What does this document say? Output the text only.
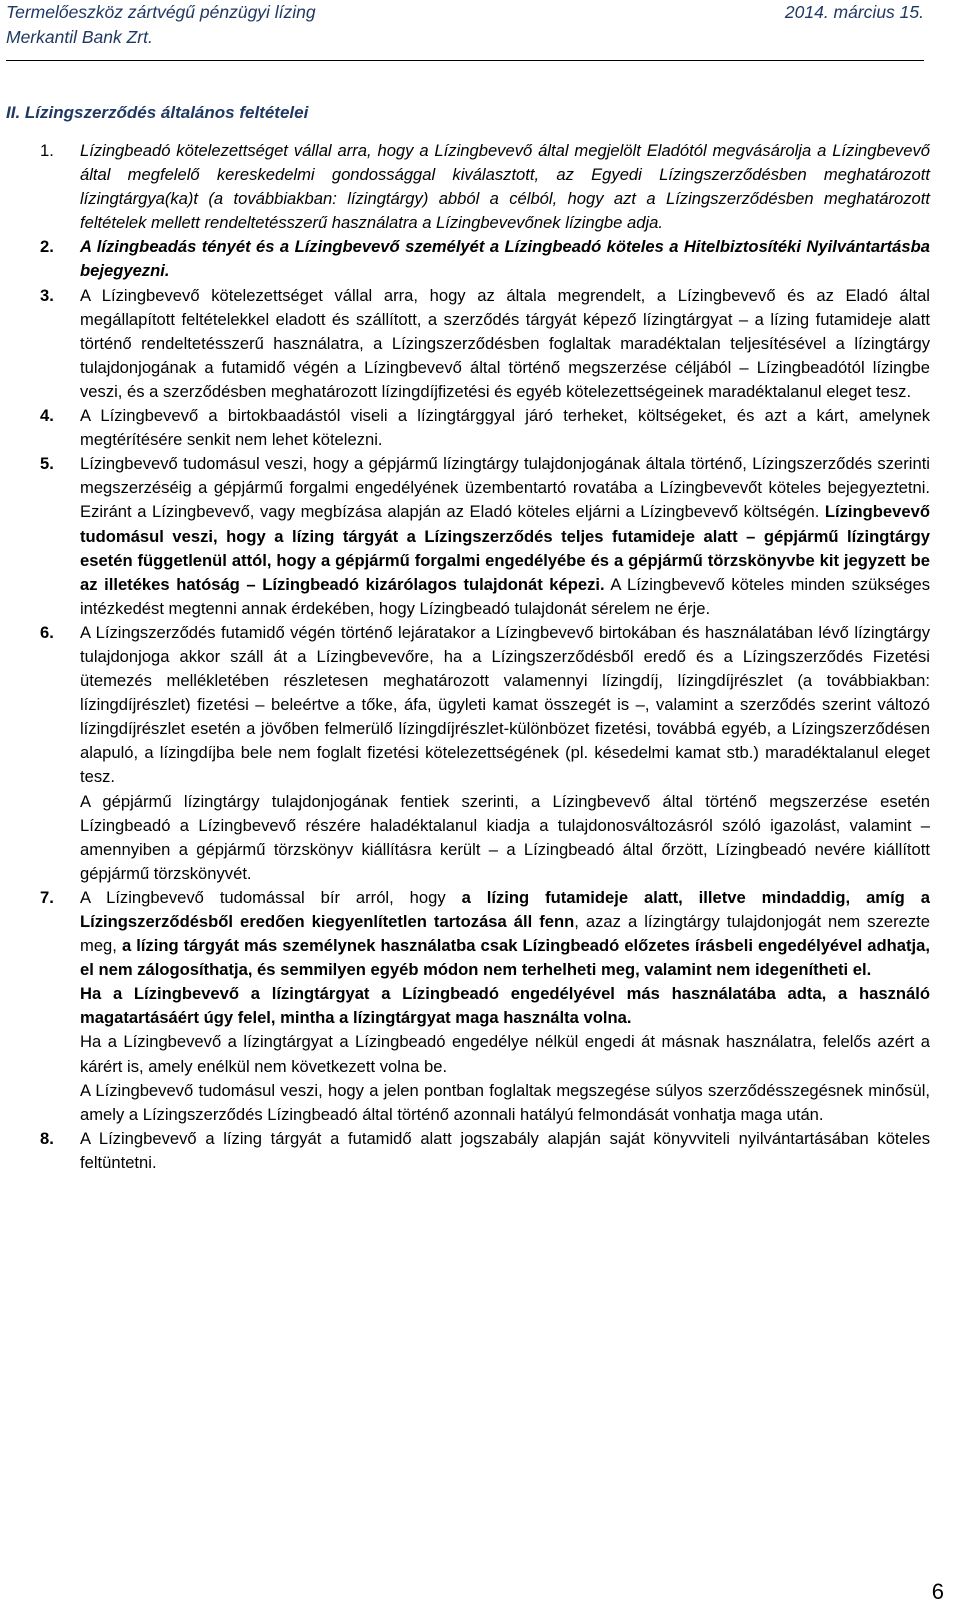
Termelőeszköz zártvégű pénzügyi lízing	2014. március 15.
Merkantil Bank Zrt.
II. Lízingszerződés általános feltételei
1.	Lízingbeadó kötelezettséget vállal arra, hogy a Lízingbevevő által megjelölt Eladótól megvásárolja a Lízingbevevő által megfelelő kereskedelmi gondossággal kiválasztott, az Egyedi Lízingszerződésben meghatározott lízingtárgya(ka)t (a továbbiakban: lízingtárgy) abból a célból, hogy azt a Lízingszerződésben meghatározott feltételek mellett rendeltetésszerű használatra a Lízingbevevőnek lízingbe adja.
2.	A lízingbeadás tényét és a Lízingbevevő személyét a Lízingbeadó köteles a Hitelbiztosítéki Nyilvántartásba bejegyezni.
3.	A Lízingbevevő kötelezettséget vállal arra, hogy az általa megrendelt, a Lízingbevevő és az Eladó által megállapított feltételekkel eladott és szállított, a szerződés tárgyát képező lízingtárgyat – a lízing futamideje alatt történő rendeltetésszerű használatra, a Lízingszerződésben foglaltak maradéktalan teljesítésével a lízingtárgy tulajdonjogának a futamidő végén a Lízingbevevő által történő megszerzése céljából – Lízingbeadótól lízingbe veszi, és a szerződésben meghatározott lízingdíjfizetési és egyéb kötelezettségeinek maradéktalanul eleget tesz.
4.	A Lízingbevevő a birtokbaadástól viseli a lízingtárggyal járó terheket, költségeket, és azt a kárt, amelynek megtérítésére senkit nem lehet kötelezni.
5.	Lízingbevevő tudomásul veszi, hogy a gépjármű lízingtárgy tulajdonjogának általa történő, Lízingszerződés szerinti megszerzéséig a gépjármű forgalmi engedélyének üzembentartó rovatába a Lízingbevevőt köteles bejegyeztetni. Eziránt a Lízingbevevő, vagy megbízása alapján az Eladó köteles eljárni a Lízingbevevő költségén. Lízingbevevő tudomásul veszi, hogy a lízing tárgyát a Lízingszerződés teljes futamideje alatt – gépjármű lízingtárgy esetén függetlenül attól, hogy a gépjármű forgalmi engedélyébe és a gépjármű törzskönyvbe kit jegyzett be az illetékes hatóság – Lízingbeadó kizárólagos tulajdonát képezi. A Lízingbevevő köteles minden szükséges intézkedést megtenni annak érdekében, hogy Lízingbeadó tulajdonát sérelem ne érje.
6.	A Lízingszerződés futamidő végén történő lejáratakor a Lízingbevevő birtokában és használatában lévő lízingtárgy tulajdonjoga akkor száll át a Lízingbevevőre, ha a Lízingszerződésből eredő és a Lízingszerződés Fizetési ütemezés mellékletében részletesen meghatározott valamennyi lízingdíj, lízingdíjrészlet (a továbbiakban: lízingdíjrészlet) fizetési – beleértve a tőke, áfa, ügyleti kamat összegét is –, valamint a szerződés szerint változó lízingdíjrészlet esetén a jövőben felmerülő lízingdíjrészlet-különbözet fizetési, továbbá egyéb, a Lízingszerződésen alapuló, a lízingdíjba bele nem foglalt fizetési kötelezettségének (pl. késedelmi kamat stb.) maradéktalanul eleget tesz.

A gépjármű lízingtárgy tulajdonjogának fentiek szerinti, a Lízingbevevő által történő megszerzése esetén Lízingbeadó a Lízingbevevő részére haladéktalanul kiadja a tulajdonosváltozásról szóló igazolást, valamint – amennyiben a gépjármű törzskönyv kiállításra került – a Lízingbeadó által őrzött, Lízingbeadó nevére kiállított gépjármű törzskönyvét.

7.	A Lízingbevevő tudomással bír arról, hogy a lízing futamideje alatt, illetve mindaddig, amíg a Lízingszerződésből eredően kiegyenlítetlen tartozása áll fenn, azaz a lízingtárgy tulajdonjogát nem szerezte meg, a lízing tárgyát más személynek használatba csak Lízingbeadó előzetes írásbeli engedélyével adhatja, el nem zálogosíthatja, és semmilyen egyéb módon nem terhelheti meg, valamint nem idegenítheti el.

Ha a Lízingbevevő a lízingtárgyat a Lízingbeadó engedélyével más használatába adta, a használó magatartásáért úgy felel, mintha a lízingtárgyat maga használta volna.

Ha a Lízingbevevő a lízingtárgyat a Lízingbeadó engedélye nélkül engedi át másnak használatra, felelős azért a kárért is, amely enélkül nem következett volna be.

A Lízingbevevő tudomásul veszi, hogy a jelen pontban foglaltak megszegése súlyos szerződésszegésnek minősül, amely a Lízingszerződés Lízingbeadó által történő azonnali hatályú felmondását vonhatja maga után.

8.	A Lízingbevevő a lízing tárgyát a futamidő alatt jogszabály alapján saját könyvviteli nyilvántartásában köteles feltüntetni.
6
